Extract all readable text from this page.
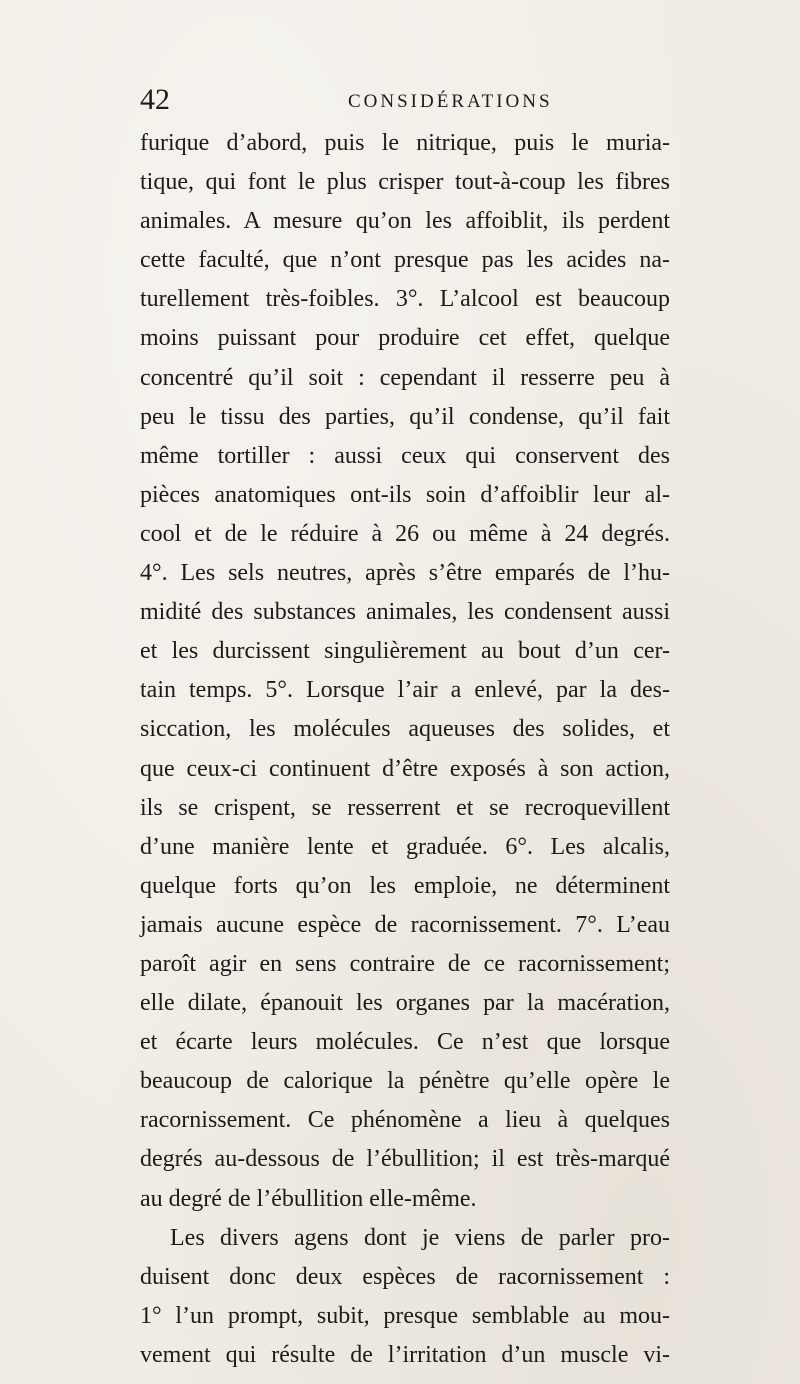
42	CONSIDÉRATIONS
furique d’abord, puis le nitrique, puis le muria-
tique, qui font le plus crisper tout-à-coup les fibres
animales. A mesure qu’on les affoiblit, ils perdent
cette faculté, que n’ont presque pas les acides na-
turellement très-foibles. 3°. L’alcool est beaucoup
moins puissant pour produire cet effet, quelque
concentré qu’il soit : cependant il resserre peu à
peu le tissu des parties, qu’il condense, qu’il fait
même tortiller : aussi ceux qui conservent des
pièces anatomiques ont-ils soin d’affoiblir leur al-
cool et de le réduire à 26 ou même à 24 degrés.
4°. Les sels neutres, après s’être emparés de l’hu-
midité des substances animales, les condensent aussi
et les durcissent singulièrement au bout d’un cer-
tain temps. 5°. Lorsque l’air a enlevé, par la des-
siccation, les molécules aqueuses des solides, et
que ceux-ci continuent d’être exposés à son action,
ils se crispent, se resserrent et se recroquevillent
d’une manière lente et graduée. 6°. Les alcalis,
quelque forts qu’on les emploie, ne déterminent
jamais aucune espèce de racornissement. 7°. L’eau
paroît agir en sens contraire de ce racornissement;
elle dilate, épanouit les organes par la macération,
et écarte leurs molécules. Ce n’est que lorsque
beaucoup de calorique la pénètre qu’elle opère le
racornissement. Ce phénomène a lieu à quelques
degrés au-dessous de l’ébullition; il est très-marqué
au degré de l’ébullition elle-même.
Les divers agens dont je viens de parler pro-
duisent donc deux espèces de racornissement :
1° l’un prompt, subit, presque semblable au mou-
vement qui résulte de l’irritation d’un muscle vi-
